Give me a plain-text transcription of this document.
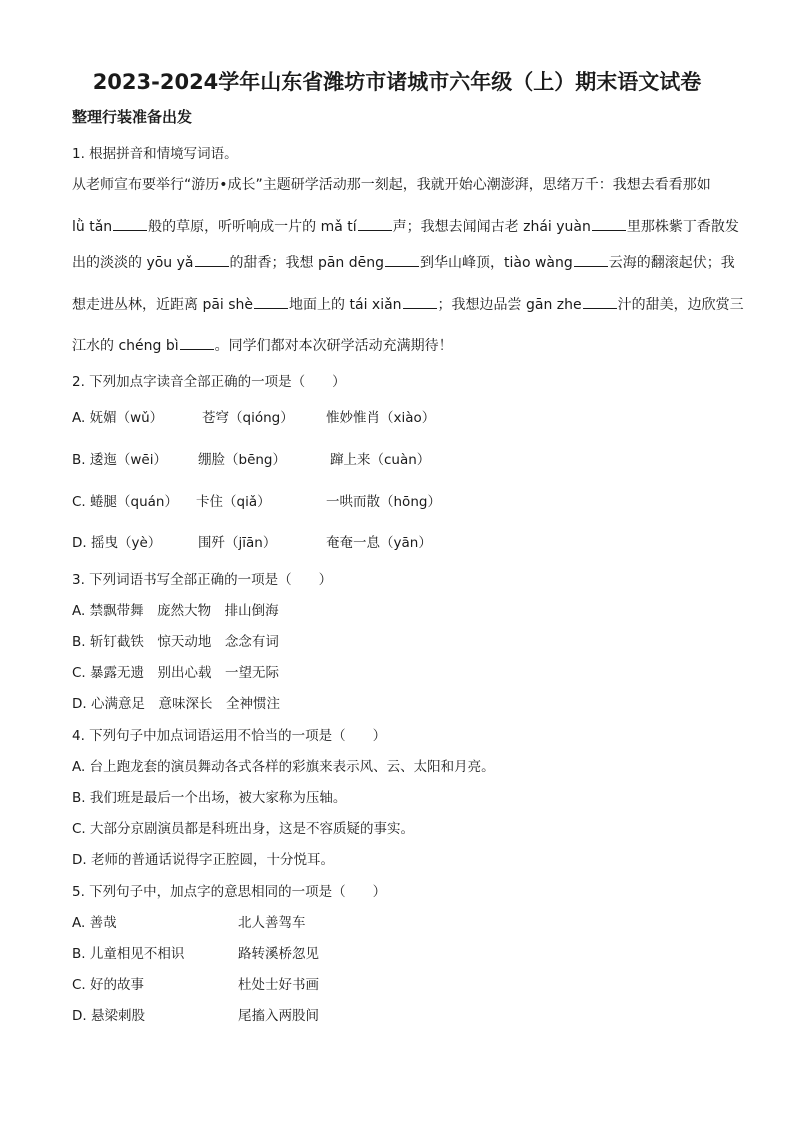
2023-2024学年山东省潍坊市诸城市六年级（上）期末语文试卷
整理行装准备出发
1. 根据拼音和情境写词语。
从老师宣布要举行“游历•成长”主题研学活动那一刻起，我就开始心潮澎湃，思绪万千：我想去看看那如
lǜ tǎn	般的草原，听听响成一片的 mǎ tí	声；我想去闻闻古老 zhái yuàn	里那株紫丁香散发
出的淡淡的 yōu yǎ	的甜香；我想 pān dēng	到华山峰顶，tiào wàng	云海的翻滚起伏；我
想走进丛林，近距离 pāi shè	地面上的 tái xiǎn	；我想边品尝 gān zhe	汁的甜美，边欣赏三
江水的 chéng bì	。同学们都对本次研学活动充满期待！
2. 下列加点字读音全部正确的一项是（　　）
A. 妩媚（wǔ）	苍穹（qióng） 惟妙惟肖（xiào）
B. 逶迤（wēi） 绷脸（bēng）	蹿上来（cuàn）
C. 蜷腿（quán） 卡住（qiǎ）	一哄而散（hōng）
D. 摇曳（yè）	围歼（jīān）	奄奄一息（yān）
3. 下列词语书写全部正确的一项是（　　）
A. 禁飘带舞　庞然大物　排山倒海
B. 斩钉截铁　惊天动地　念念有词
C. 暴露无遗　别出心载　一望无际
D. 心满意足　意味深长　全神惯注
4. 下列句子中加点词语运用不恰当的一项是（　　）
A. 台上跑龙套的演员舞动各式各样的彩旗来表示风、云、太阳和月亮。
B. 我们班是最后一个出场，被大家称为压轴。
C. 大部分京剧演员都是科班出身，这是不容质疑的事实。
D. 老师的普通话说得字正腔圆，十分悦耳。
5. 下列句子中，加点字的意思相同的一项是（　　）
A. 善哉	北人善驾车
B. 儿童相见不相识	路转溪桥忽见
C. 好的故事	杜处士好书画
D. 悬梁刺股	尾搐入两股间
